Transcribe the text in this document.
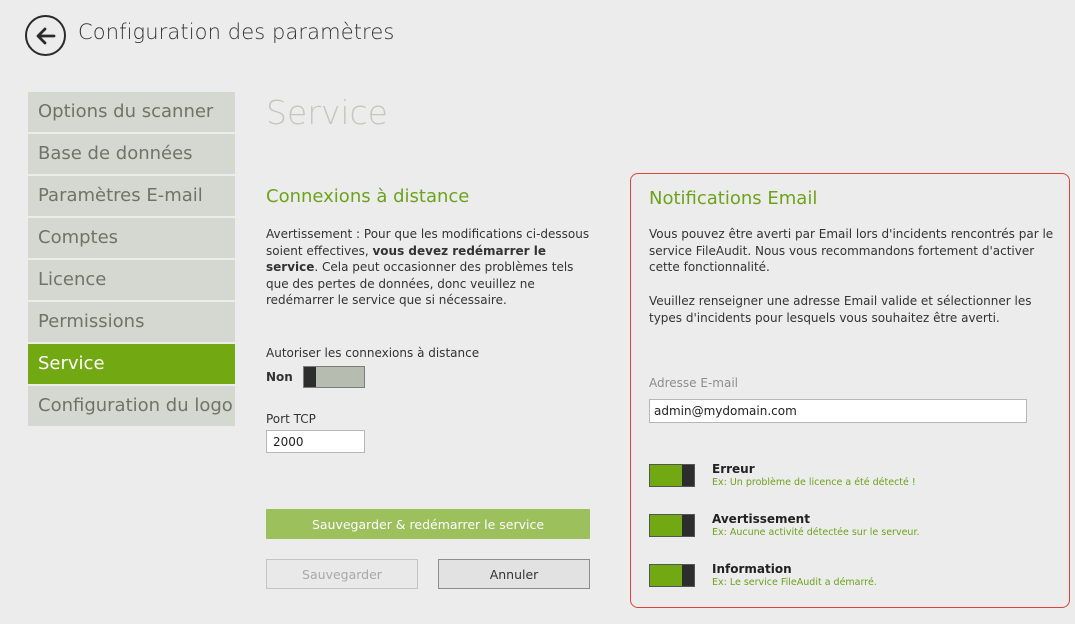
Configuration des paramètres
Options du scanner
Base de données
Paramètres E-mail
Comptes
Licence
Permissions
Service
Configuration du logo
Service
Connexions à distance
Avertissement : Pour que les modifications ci-dessous soient effectives, vous devez redémarrer le service. Cela peut occasionner des problèmes tels que des pertes de données, donc veuillez ne redémarrer le service que si nécessaire.
Autoriser les connexions à distance
Non
Port TCP
2000
Sauvegarder & redémarrer le service
Sauvegarder	Annuler
Notifications Email
Vous pouvez être averti par Email lors d'incidents rencontrés par le service FileAudit. Nous vous recommandons fortement d'activer cette fonctionnalité.
Veuillez renseigner une adresse Email valide et sélectionner les types d'incidents pour lesquels vous souhaitez être averti.
Adresse E-mail
admin@mydomain.com
Erreur
Ex: Un problème de licence a été détecté !
Avertissement
Ex: Aucune activité détectée sur le serveur.
Information
Ex: Le service FileAudit a démarré.
